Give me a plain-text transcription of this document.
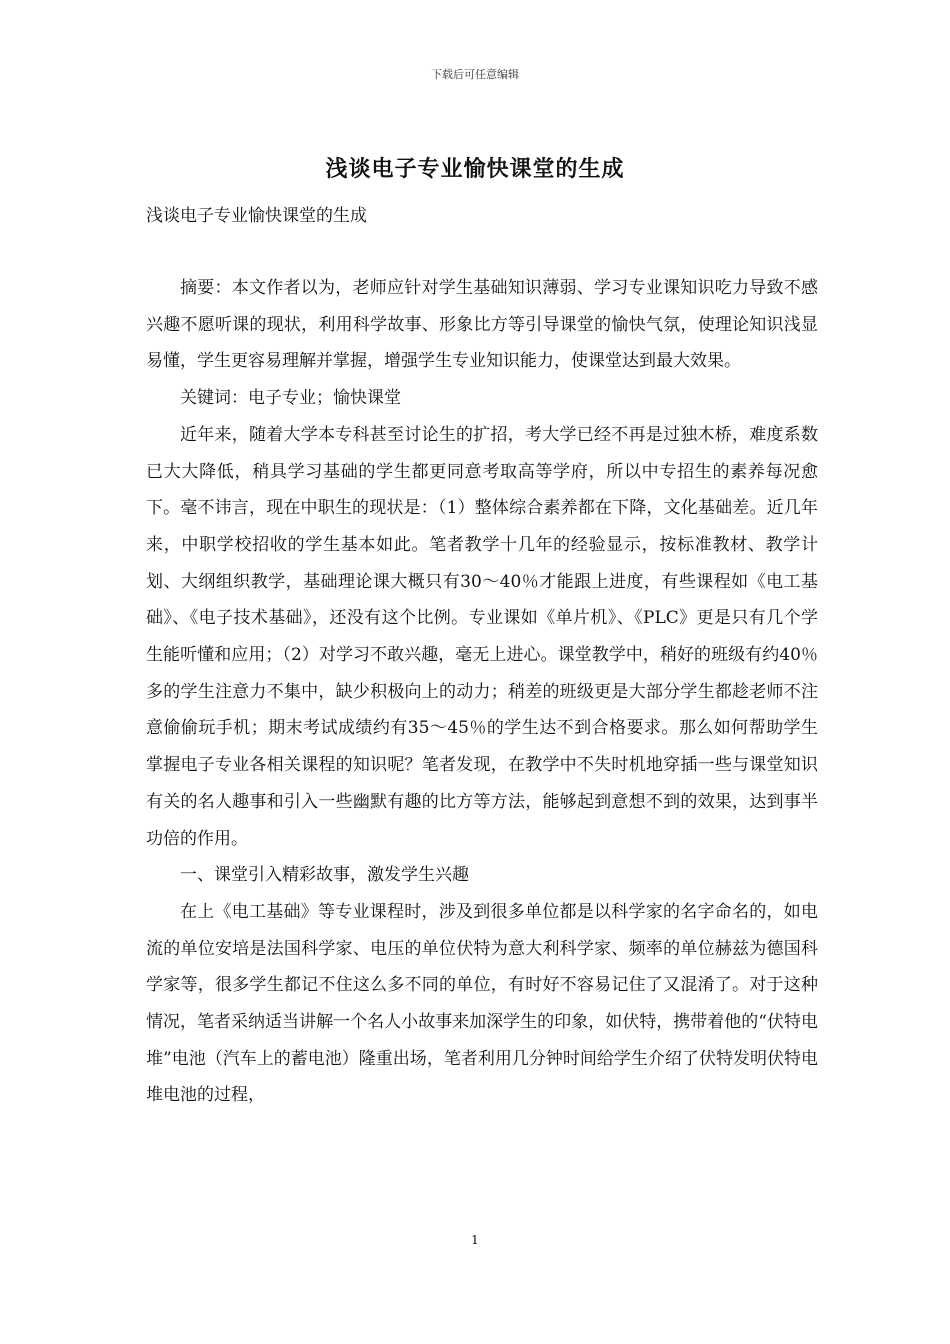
下载后可任意编辑
浅谈电子专业愉快课堂的生成
浅谈电子专业愉快课堂的生成

摘要：本文作者以为，老师应针对学生基础知识薄弱、学习专业课知识吃力导致不感兴趣不愿听课的现状，利用科学故事、形象比方等引导课堂的愉快气氛，使理论知识浅显易懂，学生更容易理解并掌握，增强学生专业知识能力，使课堂达到最大效果。

关键词：电子专业；愉快课堂

近年来，随着大学本专科甚至讨论生的扩招，考大学已经不再是过独木桥，难度系数已大大降低，稍具学习基础的学生都更同意考取高等学府，所以中专招生的素养每况愈下。毫不讳言，现在中职生的现状是：（1）整体综合素养都在下降，文化基础差。近几年来，中职学校招收的学生基本如此。笔者教学十几年的经验显示，按标准教材、教学计划、大纲组织教学，基础理论课大概只有30～40％才能跟上进度，有些课程如《电工基础》、《电子技术基础》，还没有这个比例。专业课如《单片机》、《PLC》更是只有几个学生能听懂和应用；（2）对学习不敢兴趣，毫无上进心。课堂教学中，稍好的班级有约40％多的学生注意力不集中，缺少积极向上的动力；稍差的班级更是大部分学生都趁老师不注意偷偷玩手机；期末考试成绩约有35～45％的学生达不到合格要求。那么如何帮助学生掌握电子专业各相关课程的知识呢？笔者发现，在教学中不失时机地穿插一些与课堂知识有关的名人趣事和引入一些幽默有趣的比方等方法，能够起到意想不到的效果，达到事半功倍的作用。

一、课堂引入精彩故事，激发学生兴趣

在上《电工基础》等专业课程时，涉及到很多单位都是以科学家的名字命名的，如电流的单位安培是法国科学家、电压的单位伏特为意大利科学家、频率的单位赫兹为德国科学家等，很多学生都记不住这么多不同的单位，有时好不容易记住了又混淆了。对于这种情况，笔者采纳适当讲解一个名人小故事来加深学生的印象，如伏特，携带着他的“伏特电堆”电池（汽车上的蓄电池）隆重出场，笔者利用几分钟时间给学生介绍了伏特发明伏特电堆电池的过程，

1
